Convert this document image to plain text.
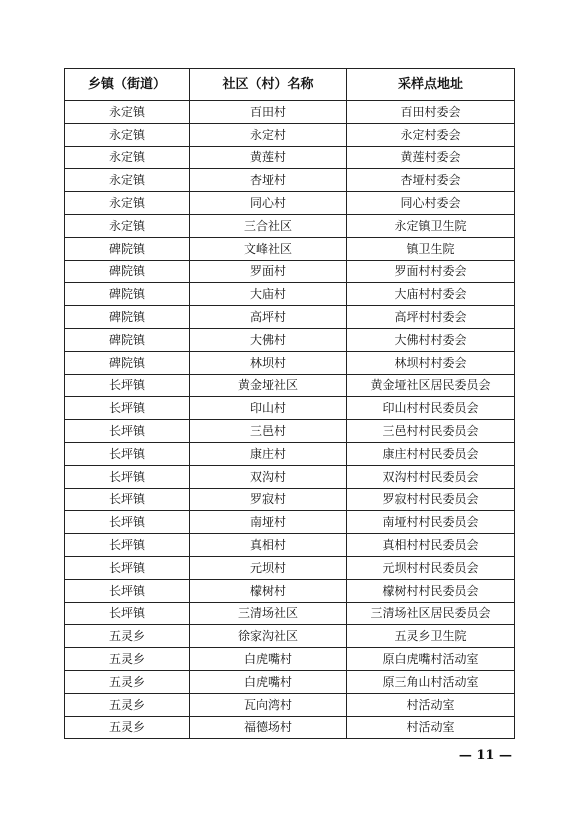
乡镇（街道）	社区（村）名称	采样点地址
永定镇	百田村	百田村委会
永定镇	永定村	永定村委会
永定镇	黄莲村	黄莲村委会
永定镇	杏垭村	杏垭村委会
永定镇	同心村	同心村委会
永定镇	三合社区	永定镇卫生院
碑院镇	文峰社区	镇卫生院
碑院镇	罗面村	罗面村村委会
碑院镇	大庙村	大庙村村委会
碑院镇	高坪村	高坪村村委会
碑院镇	大佛村	大佛村村委会
碑院镇	林坝村	林坝村村委会
长坪镇	黄金垭社区	黄金垭社区居民委员会
长坪镇	印山村	印山村村民委员会
长坪镇	三邑村	三邑村村民委员会
长坪镇	康庄村	康庄村村民委员会
长坪镇	双沟村	双沟村村民委员会
长坪镇	罗寂村	罗寂村村民委员会
长坪镇	南垭村	南垭村村民委员会
长坪镇	真相村	真相村村民委员会
长坪镇	元坝村	元坝村村民委员会
长坪镇	檬树村	檬树村村民委员会
长坪镇	三清场社区	三清场社区居民委员会
五灵乡	徐家沟社区	五灵乡卫生院
五灵乡	白虎嘴村	原白虎嘴村活动室
五灵乡	白虎嘴村	原三角山村活动室
五灵乡	瓦向湾村	村活动室
五灵乡	福德场村	村活动室
— 11 —
